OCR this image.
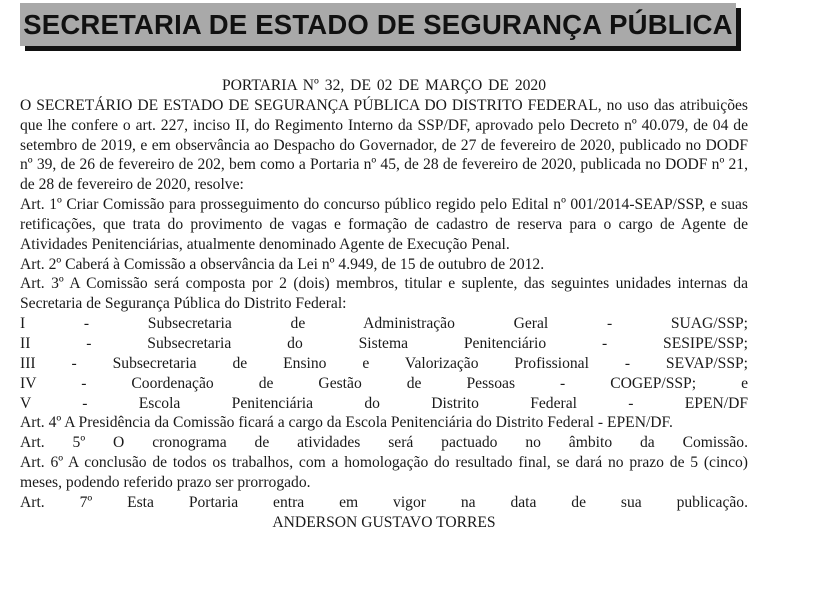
SECRETARIA DE ESTADO DE SEGURANÇA PÚBLICA

PORTARIA Nº 32, DE 02 DE MARÇO DE 2020

O SECRETÁRIO DE ESTADO DE SEGURANÇA PÚBLICA DO DISTRITO FEDERAL, no uso das atribuições que lhe confere o art. 227, inciso II, do Regimento Interno da SSP/DF, aprovado pelo Decreto nº 40.079, de 04 de setembro de 2019, e em observância ao Despacho do Governador, de 27 de fevereiro de 2020, publicado no DODF nº 39, de 26 de fevereiro de 202, bem como a Portaria nº 45, de 28 de fevereiro de 2020, publicada no DODF nº 21, de 28 de fevereiro de 2020, resolve:

Art. 1º Criar Comissão para prosseguimento do concurso público regido pelo Edital nº 001/2014-SEAP/SSP, e suas retificações, que trata do provimento de vagas e formação de cadastro de reserva para o cargo de Agente de Atividades Penitenciárias, atualmente denominado Agente de Execução Penal.

Art. 2º Caberá à Comissão a observância da Lei nº 4.949, de 15 de outubro de 2012.

Art. 3º A Comissão será composta por 2 (dois) membros, titular e suplente, das seguintes unidades internas da Secretaria de Segurança Pública do Distrito Federal:

I - Subsecretaria de Administração Geral - SUAG/SSP;

II - Subsecretaria do Sistema Penitenciário - SESIPE/SSP;

III - Subsecretaria de Ensino e Valorização Profissional - SEVAP/SSP;

IV - Coordenação de Gestão de Pessoas - COGEP/SSP; e

V - Escola Penitenciária do Distrito Federal - EPEN/DF

Art. 4º A Presidência da Comissão ficará a cargo da Escola Penitenciária do Distrito Federal - EPEN/DF.

Art. 5º O cronograma de atividades será pactuado no âmbito da Comissão.

Art. 6º A conclusão de todos os trabalhos, com a homologação do resultado final, se dará no prazo de 5 (cinco) meses, podendo referido prazo ser prorrogado.

Art. 7º Esta Portaria entra em vigor na data de sua publicação.

ANDERSON GUSTAVO TORRES
